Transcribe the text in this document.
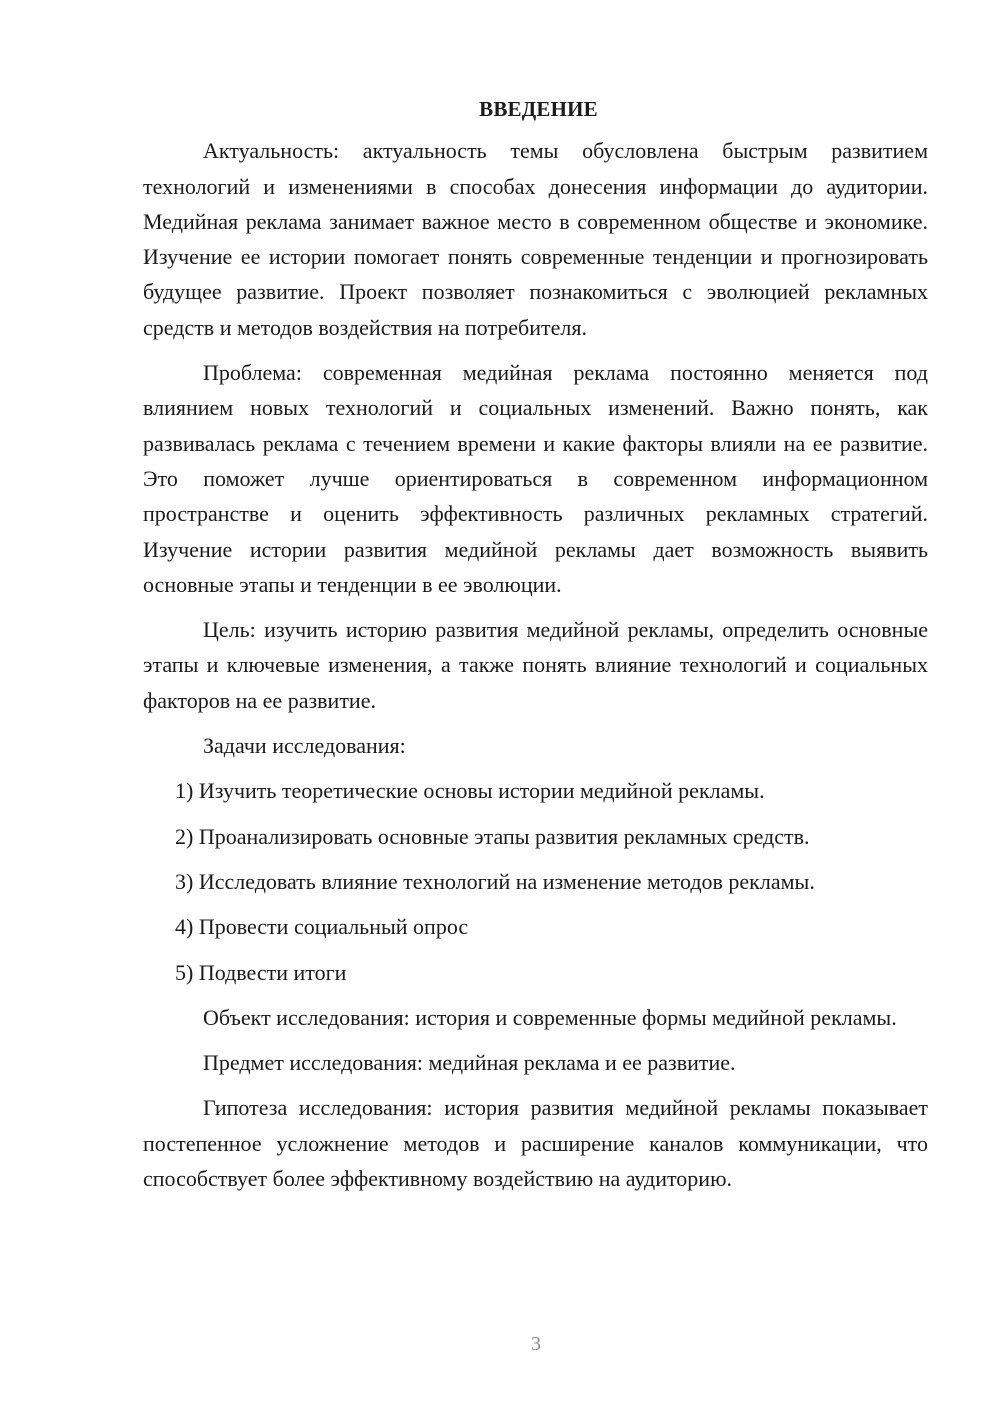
ВВЕДЕНИЕ

Актуальность: актуальность темы обусловлена быстрым развитием технологий и изменениями в способах донесения информации до аудитории. Медийная реклама занимает важное место в современном обществе и экономике. Изучение ее истории помогает понять современные тенденции и прогнозировать будущее развитие. Проект позволяет познакомиться с эволюцией рекламных средств и методов воздействия на потребителя.

Проблема: современная медийная реклама постоянно меняется под влиянием новых технологий и социальных изменений. Важно понять, как развивалась реклама с течением времени и какие факторы влияли на ее развитие. Это поможет лучше ориентироваться в современном информационном пространстве и оценить эффективность различных рекламных стратегий. Изучение истории развития медийной рекламы дает возможность выявить основные этапы и тенденции в ее эволюции.

Цель: изучить историю развития медийной рекламы, определить основные этапы и ключевые изменения, а также понять влияние технологий и социальных факторов на ее развитие.

Задачи исследования:

1) Изучить теоретические основы истории медийной рекламы.
2) Проанализировать основные этапы развития рекламных средств.
3) Исследовать влияние технологий на изменение методов рекламы.
4) Провести социальный опрос
5) Подвести итоги

Объект исследования: история и современные формы медийной рекламы.

Предмет исследования: медийная реклама и ее развитие.

Гипотеза исследования: история развития медийной рекламы показывает постепенное усложнение методов и расширение каналов коммуникации, что способствует более эффективному воздействию на аудиторию.

3
